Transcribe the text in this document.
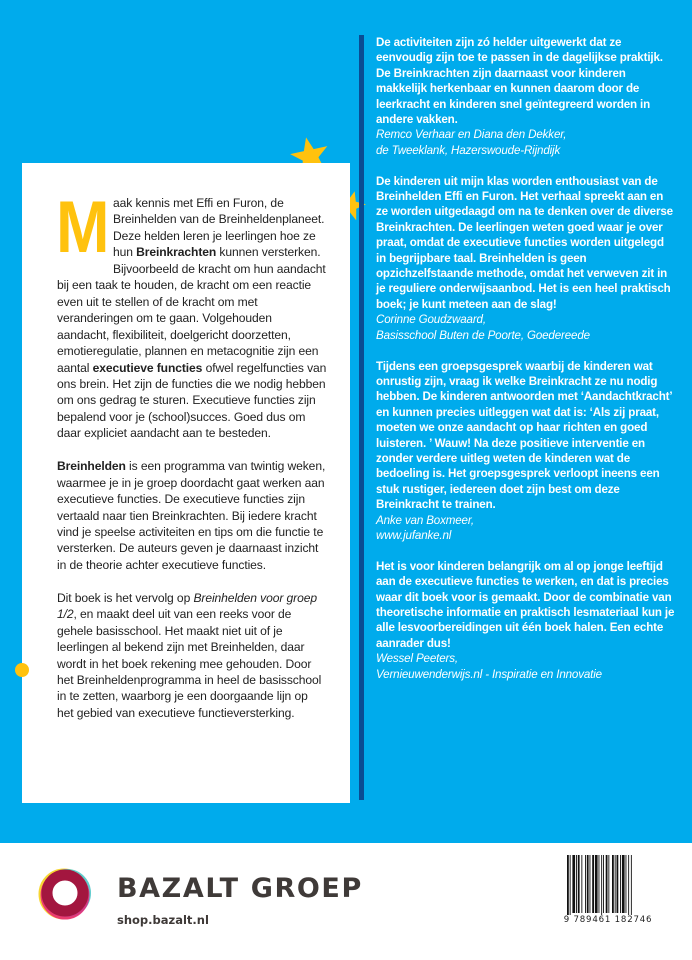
Maak kennis met Effi en Furon, de Breinhelden van de Breinheldenplaneet. Deze helden leren je leerlingen hoe ze hun Breinkrachten kunnen versterken. Bijvoorbeeld de kracht om hun aandacht bij een taak te houden, de kracht om een reactie even uit te stellen of de kracht om met veranderingen om te gaan. Volgehouden aandacht, flexibiliteit, doelgericht doorzetten, emotieregulatie, plannen en metacognitie zijn een aantal executieve functies ofwel regelfuncties van ons brein. Het zijn de functies die we nodig hebben om ons gedrag te sturen. Executieve functies zijn bepalend voor je (school)succes. Goed dus om daar expliciet aandacht aan te besteden.

Breinhelden is een programma van twintig weken, waarmee je in je groep doordacht gaat werken aan executieve functies. De executieve functies zijn vertaald naar tien Breinkrachten. Bij iedere kracht vind je speelse activiteiten en tips om die functie te versterken. De auteurs geven je daarnaast inzicht in de theorie achter executieve functies.

Dit boek is het vervolg op Breinhelden voor groep 1/2, en maakt deel uit van een reeks voor de gehele basisschool. Het maakt niet uit of je leerlingen al bekend zijn met Breinhelden, daar wordt in het boek rekening mee gehouden. Door het Breinheldenprogramma in heel de basisschool in te zetten, waarborg je een doorgaande lijn op het gebied van executieve functieversterking.

De activiteiten zijn zó helder uitgewerkt dat ze eenvoudig zijn toe te passen in de dagelijkse praktijk. De Breinkrachten zijn daarnaast voor kinderen makkelijk herkenbaar en kunnen daarom door de leerkracht en kinderen snel geïntegreerd worden in andere vakken.
Remco Verhaar en Diana den Dekker,
de Tweeklank, Hazerswoude-Rijndijk
De kinderen uit mijn klas worden enthousiast van de Breinhelden Effi en Furon. Het verhaal spreekt aan en ze worden uitgedaagd om na te denken over de diverse Breinkrachten. De leerlingen weten goed waar je over praat, omdat de executieve functies worden uitgelegd in begrijpbare taal. Breinhelden is geen opzichzelfstaande methode, omdat het verweven zit in je reguliere onderwijsaanbod. Het is een heel praktisch boek; je kunt meteen aan de slag!
Corinne Goudzwaard,
Basisschool Buten de Poorte, Goedereede
Tijdens een groepsgesprek waarbij de kinderen wat onrustig zijn, vraag ik welke Breinkracht ze nu nodig hebben. De kinderen antwoorden met ‘Aandachtkracht’ en kunnen precies uitleggen wat dat is: ‘Als zij praat, moeten we onze aandacht op haar richten en goed luisteren. ’ Wauw! Na deze positieve interventie en zonder verdere uitleg weten de kinderen wat de bedoeling is. Het groepsgesprek verloopt ineens een stuk rustiger, iedereen doet zijn best om deze Breinkracht te trainen.
Anke van Boxmeer,
www.jufanke.nl
Het is voor kinderen belangrijk om al op jonge leeftijd aan de executieve functies te werken, en dat is precies waar dit boek voor is gemaakt. Door de combinatie van theoretische informatie en praktisch lesmateriaal kun je alle lesvoorbereidingen uit één boek halen. Een echte aanrader dus!
Wessel Peeters,
Vernieuwenderwijs.nl - Inspiratie en Innovatie
BAZALT GROEP
shop.bazalt.nl	9 789461 182746
